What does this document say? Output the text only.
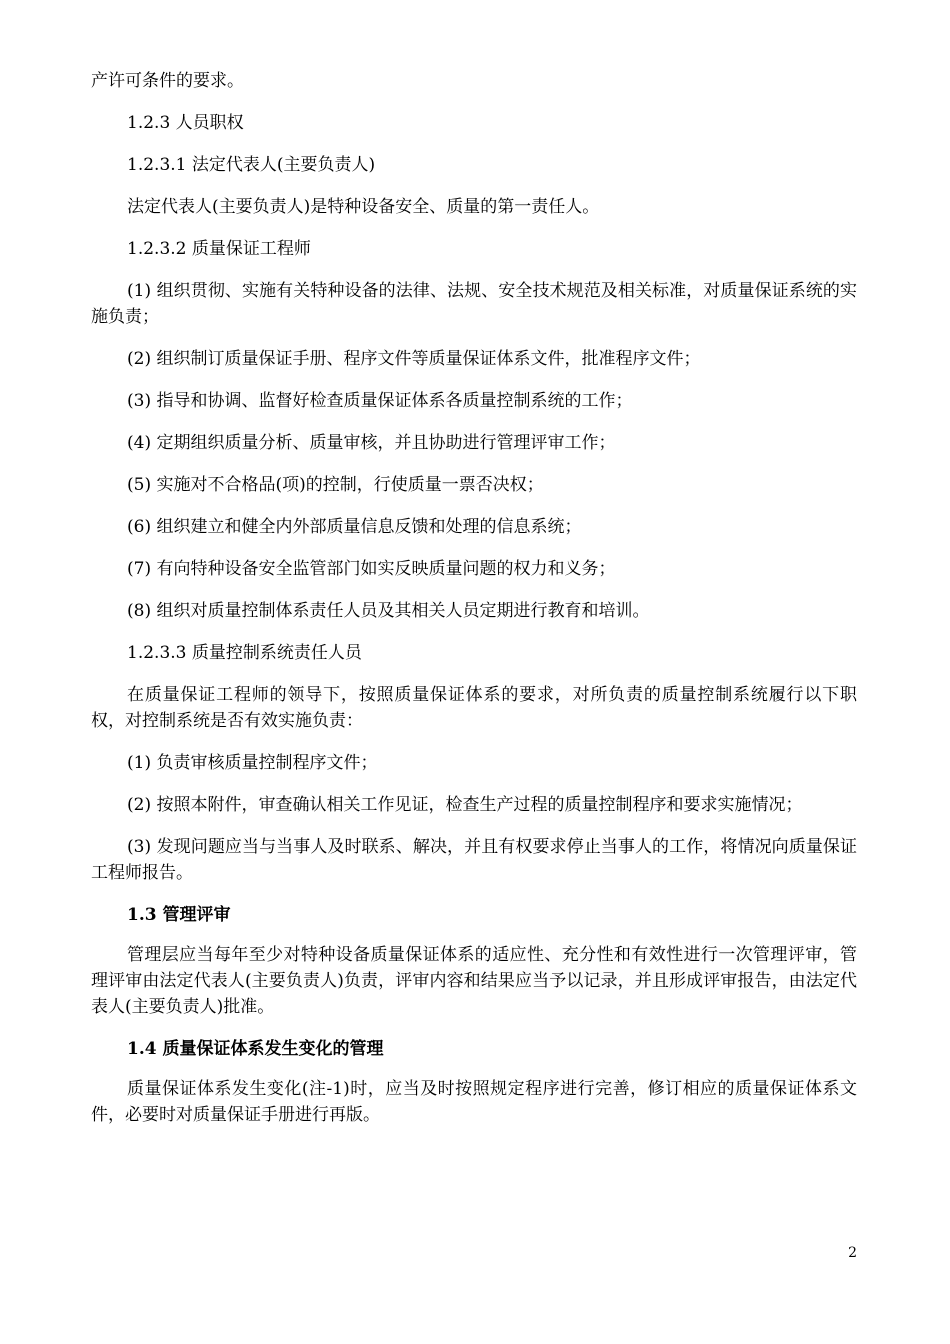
产许可条件的要求。

1.2.3 人员职权

1.2.3.1 法定代表人(主要负责人)

法定代表人(主要负责人)是特种设备安全、质量的第一责任人。

1.2.3.2 质量保证工程师

(1) 组织贯彻、实施有关特种设备的法律、法规、安全技术规范及相关标准，对质量保证系统的实施负责；

(2) 组织制订质量保证手册、程序文件等质量保证体系文件，批准程序文件；

(3) 指导和协调、监督好检查质量保证体系各质量控制系统的工作；

(4) 定期组织质量分析、质量审核，并且协助进行管理评审工作；

(5) 实施对不合格品(项)的控制，行使质量一票否决权；

(6) 组织建立和健全内外部质量信息反馈和处理的信息系统；

(7) 有向特种设备安全监管部门如实反映质量问题的权力和义务；

(8) 组织对质量控制体系责任人员及其相关人员定期进行教育和培训。

1.2.3.3 质量控制系统责任人员

在质量保证工程师的领导下，按照质量保证体系的要求，对所负责的质量控制系统履行以下职权，对控制系统是否有效实施负责：

(1) 负责审核质量控制程序文件；

(2) 按照本附件，审查确认相关工作见证，检查生产过程的质量控制程序和要求实施情况；

(3) 发现问题应当与当事人及时联系、解决，并且有权要求停止当事人的工作，将情况向质量保证工程师报告。

1.3 管理评审

管理层应当每年至少对特种设备质量保证体系的适应性、充分性和有效性进行一次管理评审，管理评审由法定代表人(主要负责人)负责，评审内容和结果应当予以记录，并且形成评审报告，由法定代表人(主要负责人)批准。

1.4 质量保证体系发生变化的管理

质量保证体系发生变化(注-1)时，应当及时按照规定程序进行完善，修订相应的质量保证体系文件，必要时对质量保证手册进行再版。

2
